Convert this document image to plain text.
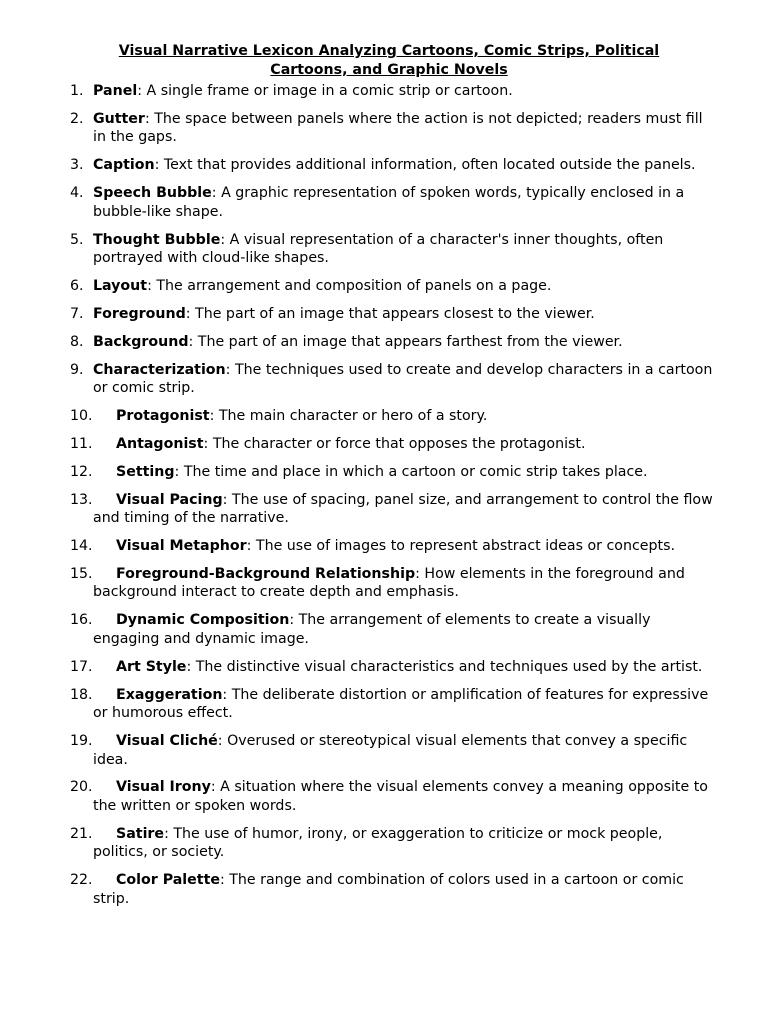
Visual Narrative Lexicon Analyzing Cartoons, Comic Strips, Political Cartoons, and Graphic Novels
1. Panel: A single frame or image in a comic strip or cartoon.
2. Gutter: The space between panels where the action is not depicted; readers must fill in the gaps.
3. Caption: Text that provides additional information, often located outside the panels.
4. Speech Bubble: A graphic representation of spoken words, typically enclosed in a bubble-like shape.
5. Thought Bubble: A visual representation of a character's inner thoughts, often portrayed with cloud-like shapes.
6. Layout: The arrangement and composition of panels on a page.
7. Foreground: The part of an image that appears closest to the viewer.
8. Background: The part of an image that appears farthest from the viewer.
9. Characterization: The techniques used to create and develop characters in a cartoon or comic strip.
10. Protagonist: The main character or hero of a story.
11. Antagonist: The character or force that opposes the protagonist.
12. Setting: The time and place in which a cartoon or comic strip takes place.
13. Visual Pacing: The use of spacing, panel size, and arrangement to control the flow and timing of the narrative.
14. Visual Metaphor: The use of images to represent abstract ideas or concepts.
15. Foreground-Background Relationship: How elements in the foreground and background interact to create depth and emphasis.
16. Dynamic Composition: The arrangement of elements to create a visually engaging and dynamic image.
17. Art Style: The distinctive visual characteristics and techniques used by the artist.
18. Exaggeration: The deliberate distortion or amplification of features for expressive or humorous effect.
19. Visual Cliché: Overused or stereotypical visual elements that convey a specific idea.
20. Visual Irony: A situation where the visual elements convey a meaning opposite to the written or spoken words.
21. Satire: The use of humor, irony, or exaggeration to criticize or mock people, politics, or society.
22. Color Palette: The range and combination of colors used in a cartoon or comic strip.
